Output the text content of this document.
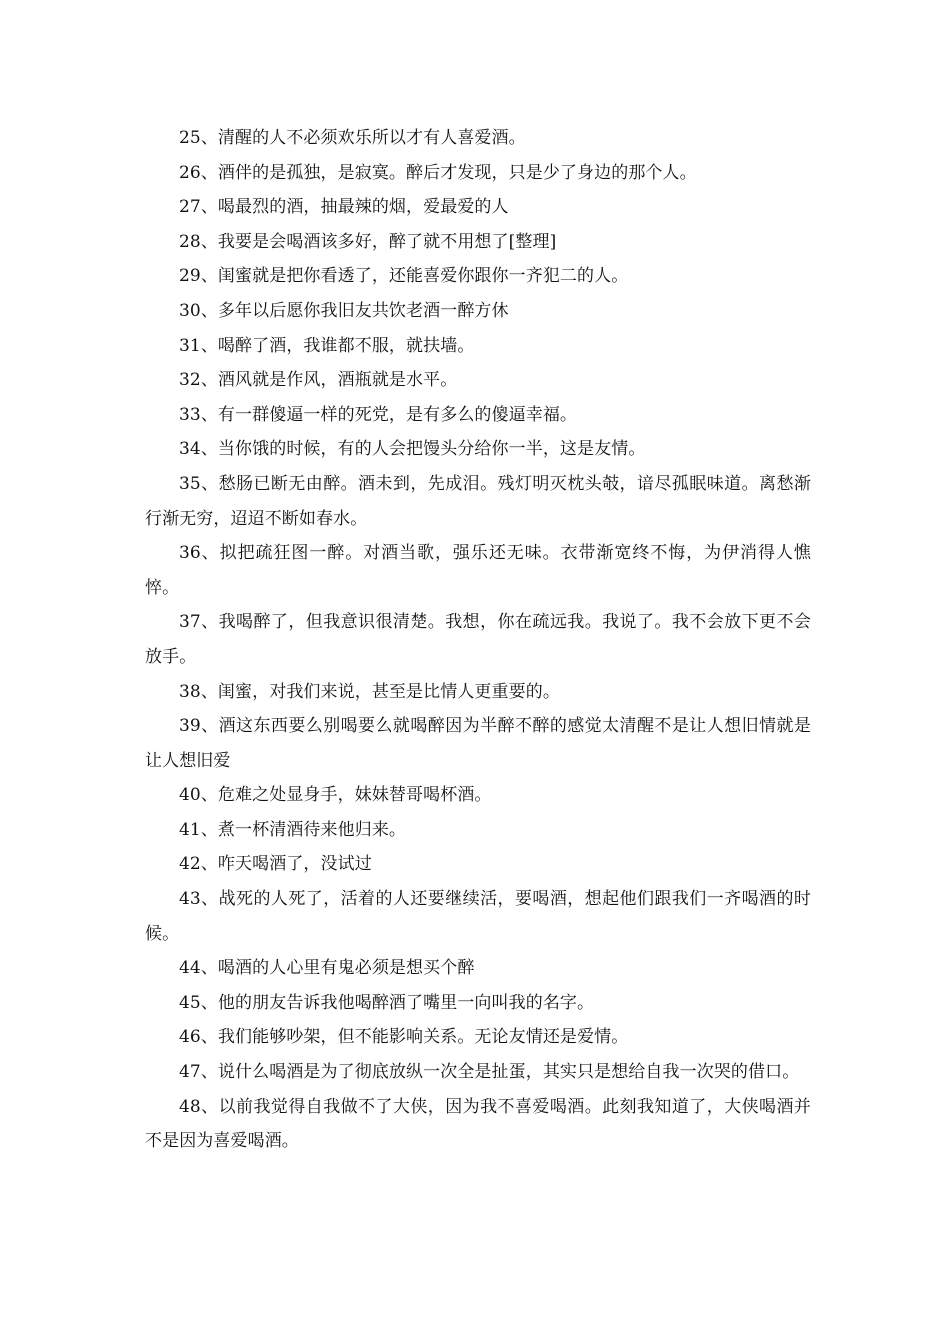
25、清醒的人不必须欢乐所以才有人喜爱酒。

26、酒伴的是孤独，是寂寞。醉后才发现，只是少了身边的那个人。

27、喝最烈的酒，抽最辣的烟，爱最爱的人

28、我要是会喝酒该多好，醉了就不用想了[整理]

29、闺蜜就是把你看透了，还能喜爱你跟你一齐犯二的人。

30、多年以后愿你我旧友共饮老酒一醉方休

31、喝醉了酒，我谁都不服，就扶墙。

32、酒风就是作风，酒瓶就是水平。

33、有一群傻逼一样的死党，是有多么的傻逼幸福。

34、当你饿的时候，有的人会把馒头分给你一半，这是友情。

35、愁肠已断无由醉。酒未到，先成泪。残灯明灭枕头攲，谙尽孤眠味道。离愁渐行渐无穷，迢迢不断如春水。

36、拟把疏狂图一醉。对酒当歌，强乐还无味。衣带渐宽终不悔，为伊消得人憔悴。

37、我喝醉了，但我意识很清楚。我想，你在疏远我。我说了。我不会放下更不会放手。

38、闺蜜，对我们来说，甚至是比情人更重要的。

39、酒这东西要么别喝要么就喝醉因为半醉不醉的感觉太清醒不是让人想旧情就是让人想旧爱

40、危难之处显身手，妹妹替哥喝杯酒。

41、煮一杯清酒待来他归来。

42、咋天喝酒了，没试过

43、战死的人死了，活着的人还要继续活，要喝酒，想起他们跟我们一齐喝酒的时候。

44、喝酒的人心里有鬼必须是想买个醉

45、他的朋友告诉我他喝醉酒了嘴里一向叫我的名字。

46、我们能够吵架，但不能影响关系。无论友情还是爱情。

47、说什么喝酒是为了彻底放纵一次全是扯蛋，其实只是想给自我一次哭的借口。

48、以前我觉得自我做不了大侠，因为我不喜爱喝酒。此刻我知道了，大侠喝酒并不是因为喜爱喝酒。
